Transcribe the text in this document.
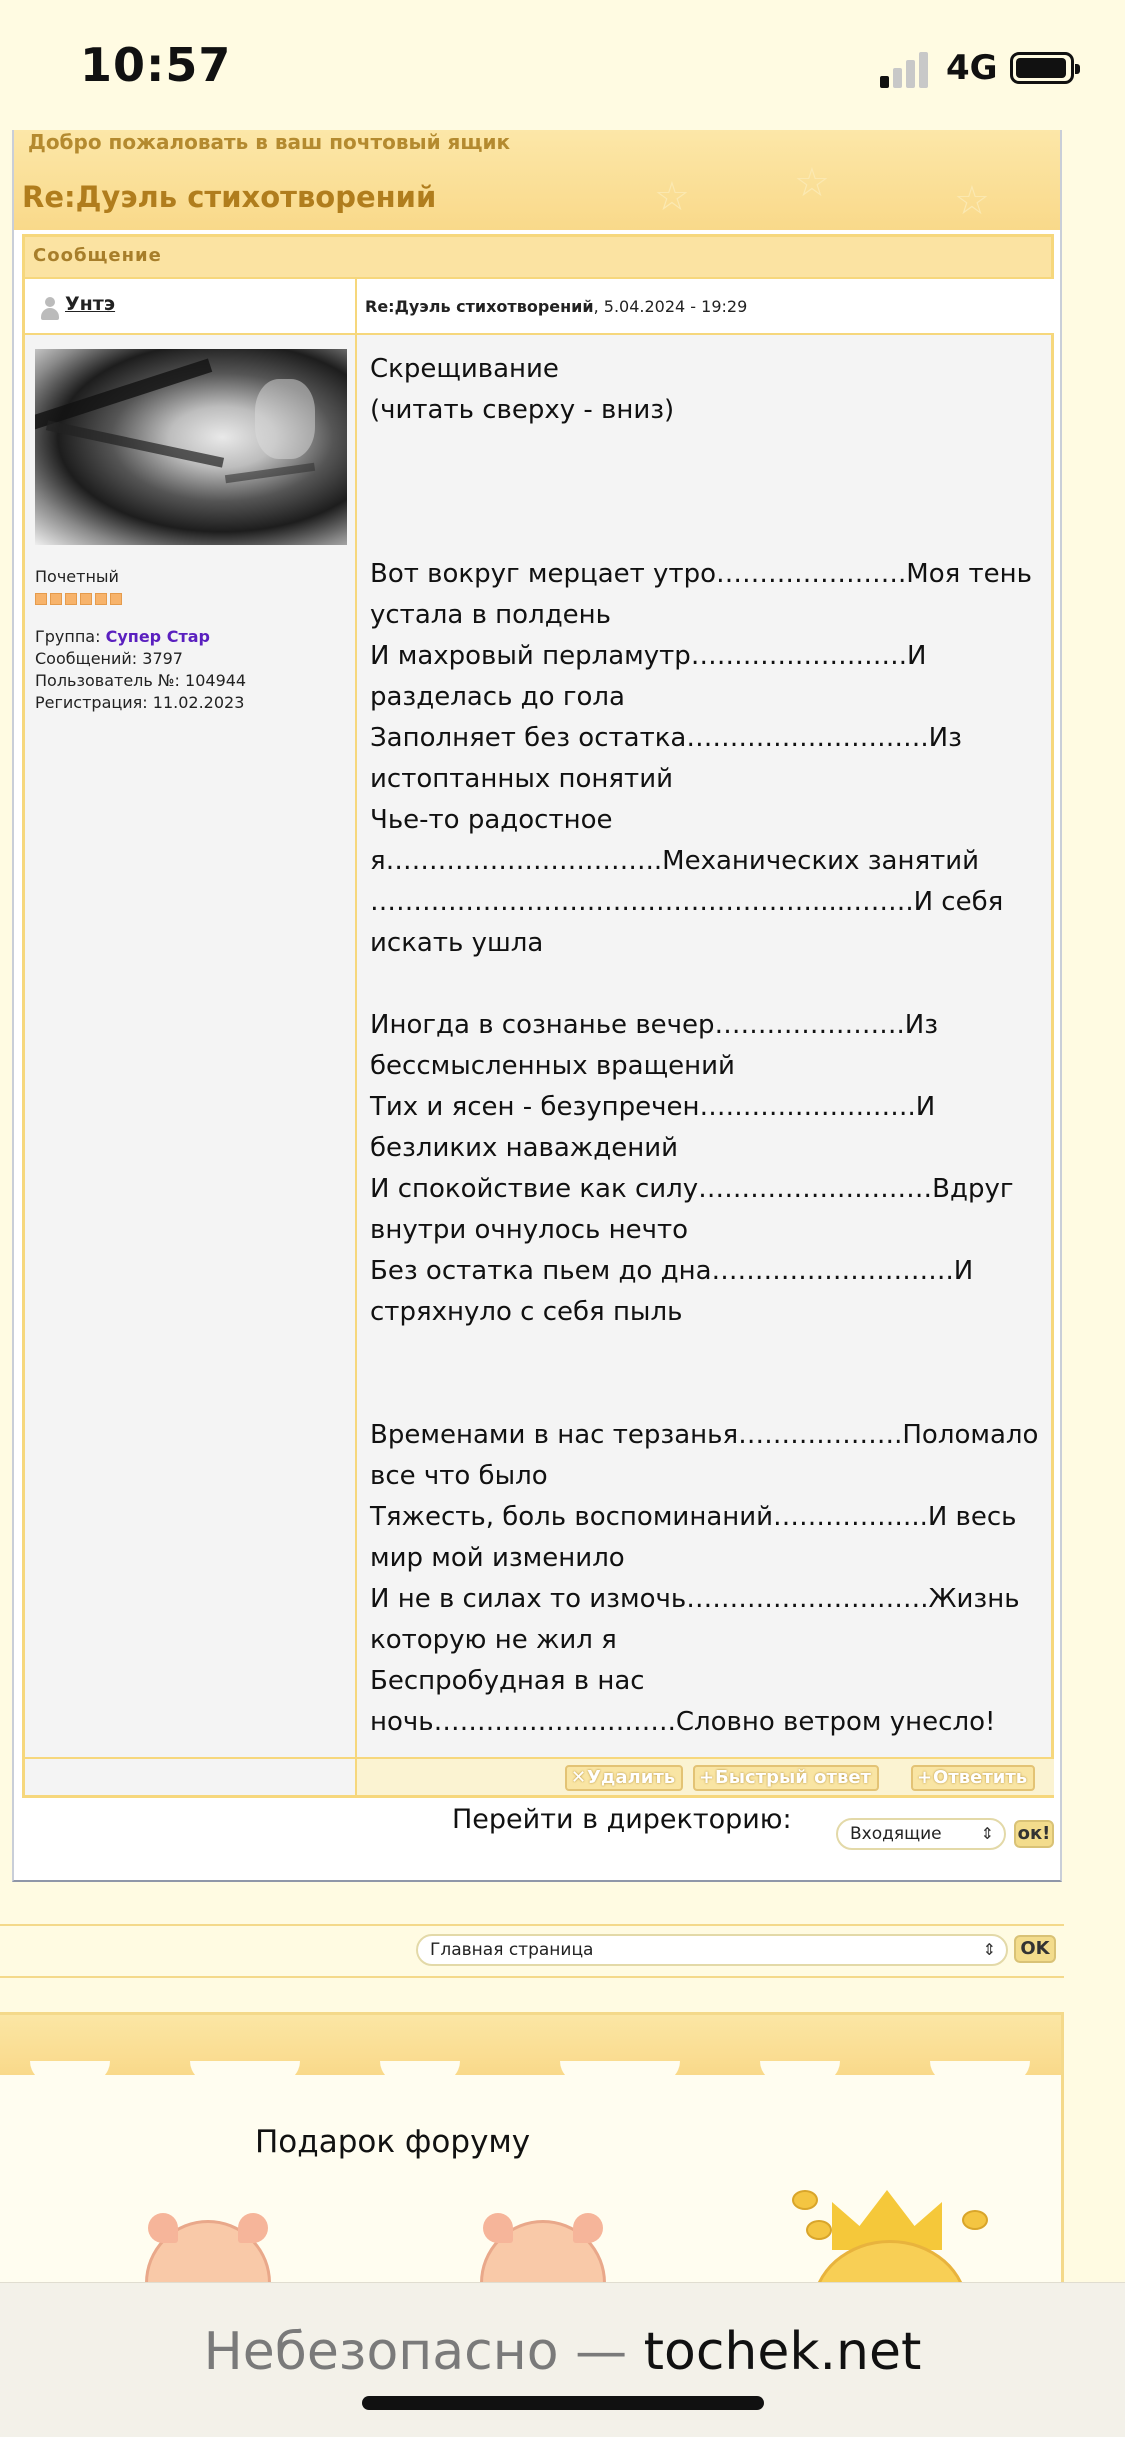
10:57	4G
☆	☆	☆
Добро пожаловать в ваш почтовый ящик
Re:Дуэль стихотворений
Сообщение
Унтэ	Re:Дуэль стихотворений, 5.04.2024 - 19:29
Почетный
Группа: Супер Стар
Сообщений: 3797
Пользователь №: 104944
Регистрация: 11.02.2023
Скрещивание
(читать сверху - вниз)
Вот вокруг мерцает утро………………….Моя тень устала в полдень
И махровый перламутр…………………….И разделась до гола
Заполняет без остатка……………………….Из истоптанных понятий
Чье-то радостное я…………………………..Механических занятий
…………………………………………….....…….И себя искать ушла
Иногда в сознанье вечер………………….Из бессмысленных вращений
Тих и ясен - безупречен…………………….И безликих наваждений
И спокойствие как силу………………………Вдруг внутри очнулось нечто
Без остатка пьем до дна……………………….И стряхнуло с себя пыль
Временами в нас терзанья……………….Поломало все что было
Тяжесть, боль воспоминаний……………...И весь мир мой изменило
И не в силах то измочь……………………….Жизнь которую не жил я
Беспробудная в нас ночь……………………….Словно ветром унесло!
✕ Удалить	+ Быстрый ответ	+ Ответить
Перейти в директорию:	Входящие ⇕ ок!
Главная страница	⇕	OK
Подарок форуму
Небезопасно — tochek.net
